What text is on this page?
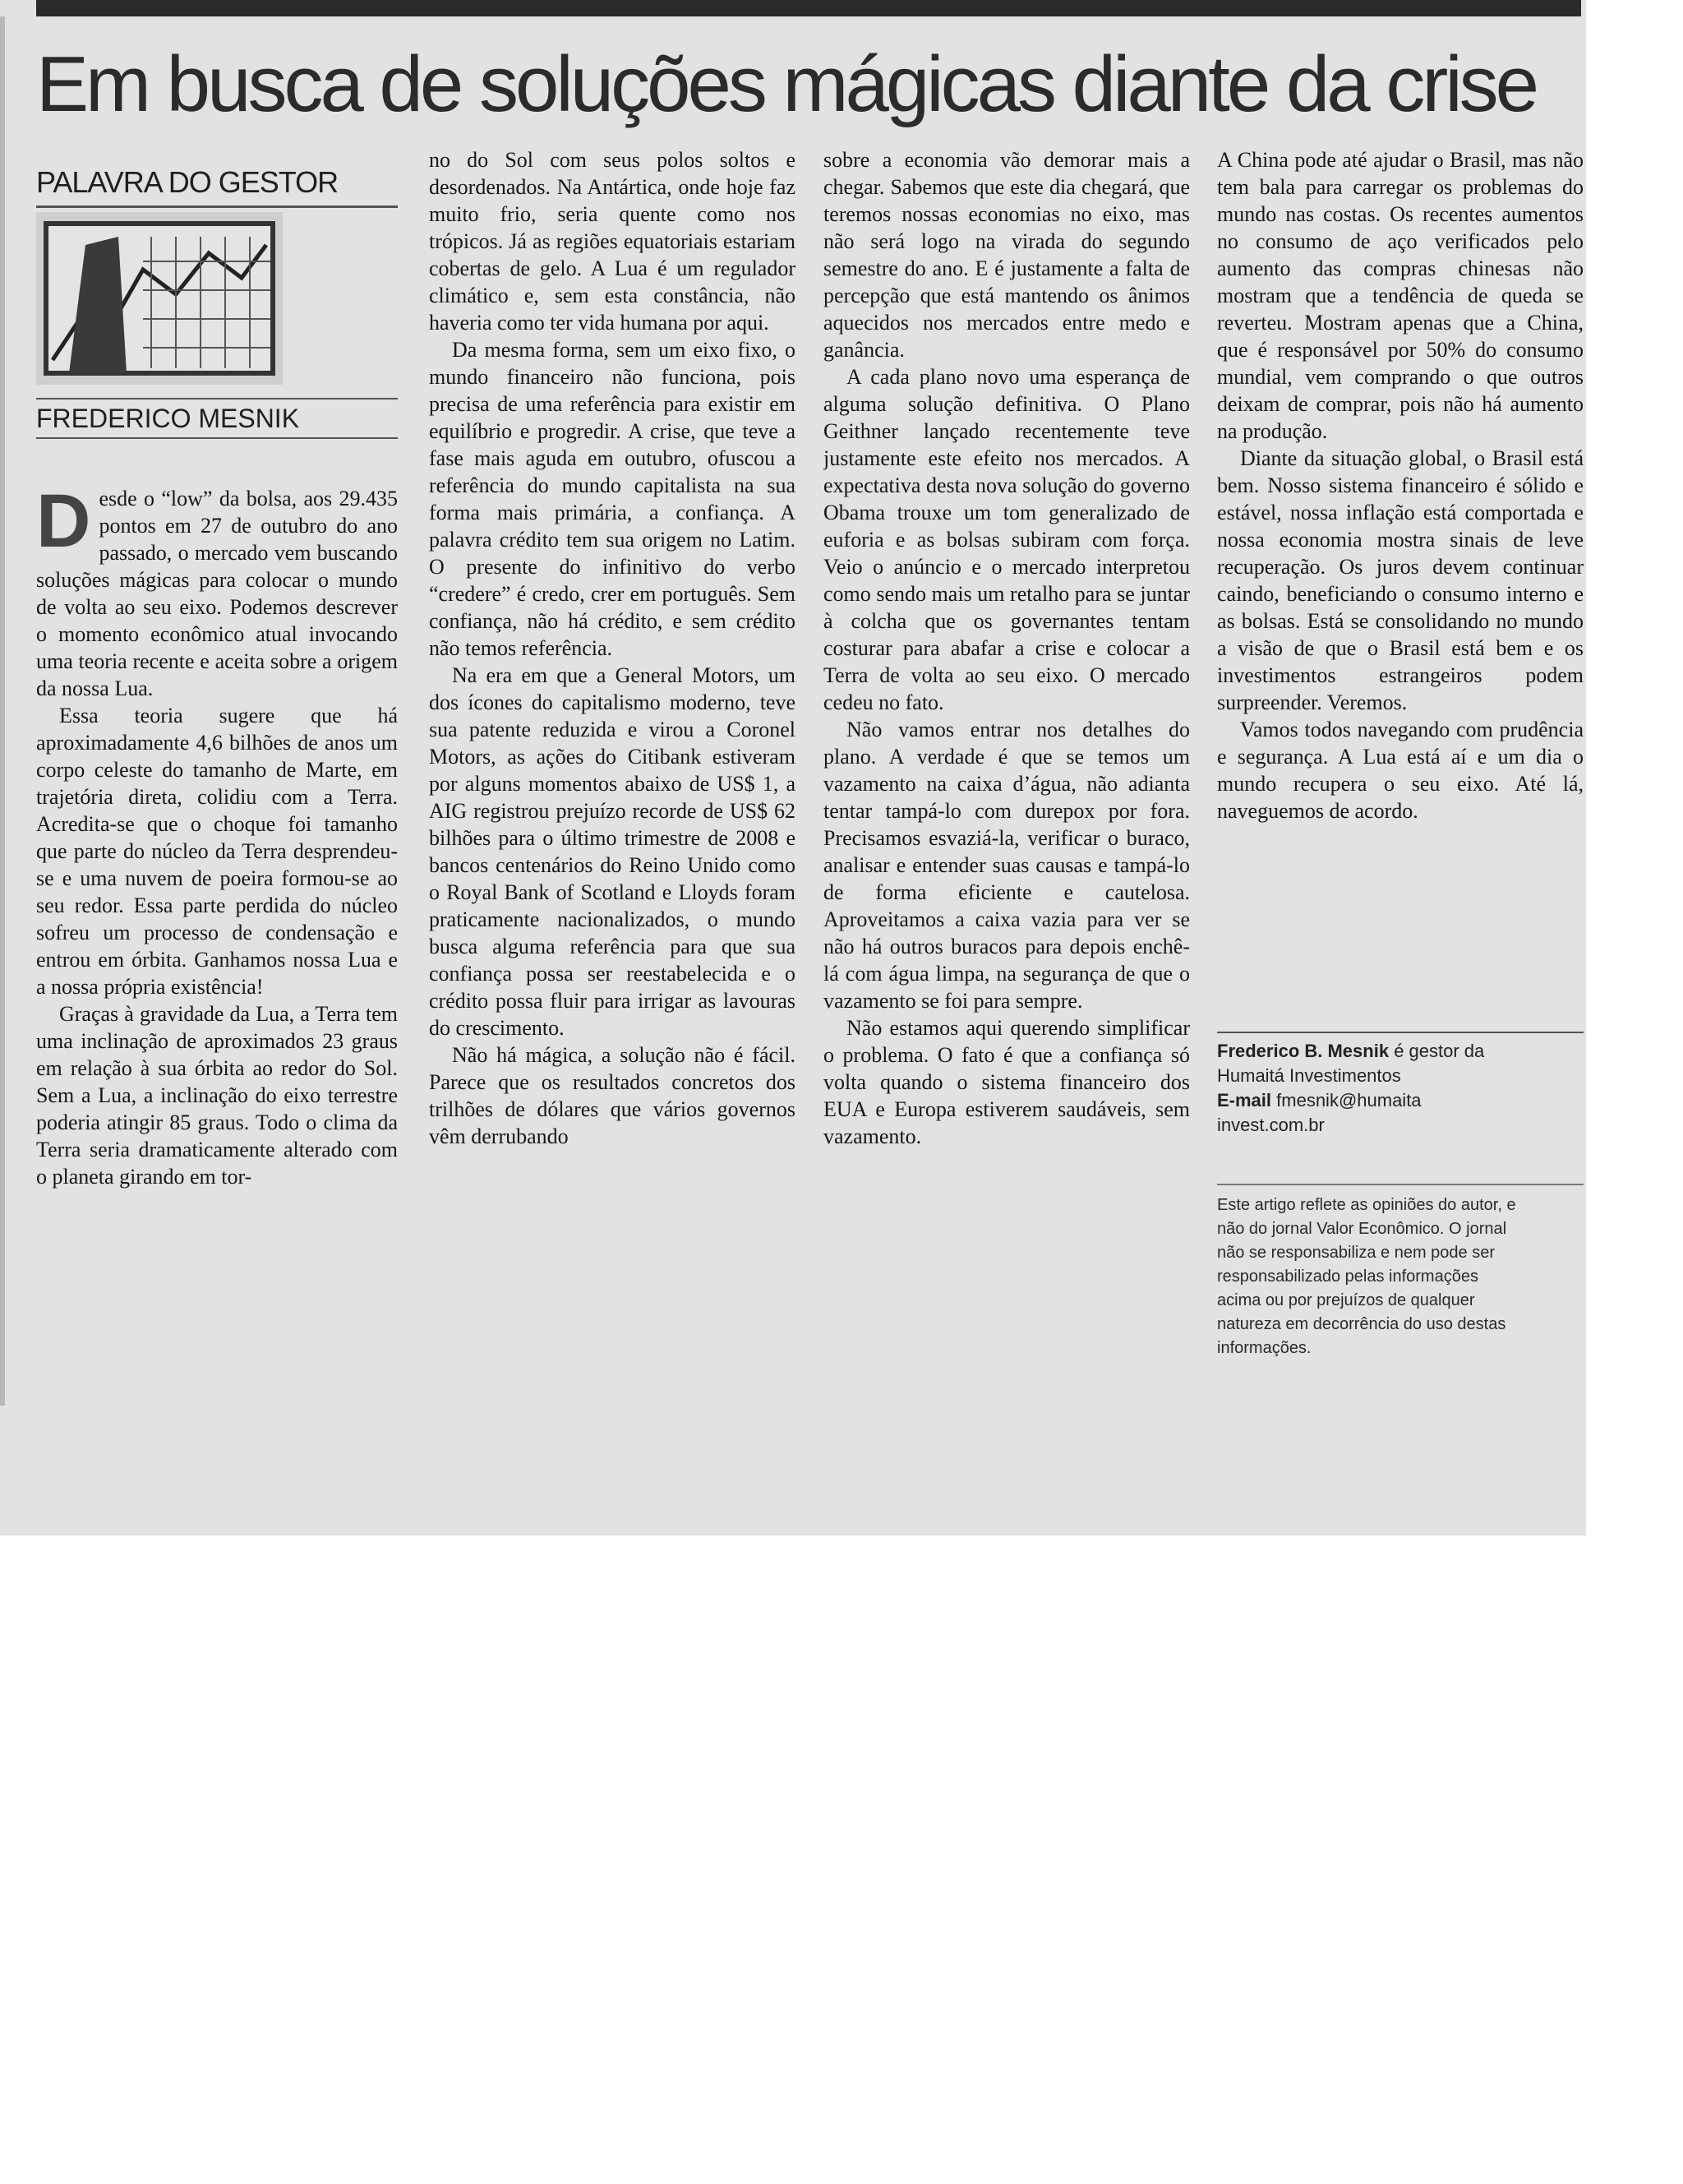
Em busca de soluções mágicas diante da crise
PALAVRA DO GESTOR
FREDERICO MESNIK

Desde o “low” da bolsa, aos 29.435 pontos em 27 de outubro do ano passado, o mercado vem buscando soluções mágicas para colocar o mundo de volta ao seu eixo. Podemos descrever o momento econômico atual invocando uma teoria recente e aceita sobre a origem da nossa Lua.

Essa teoria sugere que há aproximadamente 4,6 bilhões de anos um corpo celeste do tamanho de Marte, em trajetória direta, colidiu com a Terra. Acredita-se que o choque foi tamanho que parte do núcleo da Terra desprendeu-se e uma nuvem de poeira formou-se ao seu redor. Essa parte perdida do núcleo sofreu um processo de condensação e entrou em órbita. Ganhamos nossa Lua e a nossa própria existência!

Graças à gravidade da Lua, a Terra tem uma inclinação de aproximados 23 graus em relação à sua órbita ao redor do Sol. Sem a Lua, a inclinação do eixo terrestre poderia atingir 85 graus. Todo o clima da Terra seria dramaticamente alterado com o planeta girando em tor-

no do Sol com seus polos soltos e desordenados. Na Antártica, onde hoje faz muito frio, seria quente como nos trópicos. Já as regiões equatoriais estariam cobertas de gelo. A Lua é um regulador climático e, sem esta constância, não haveria como ter vida humana por aqui.

Da mesma forma, sem um eixo fixo, o mundo financeiro não funciona, pois precisa de uma referência para existir em equilíbrio e progredir. A crise, que teve a fase mais aguda em outubro, ofuscou a referência do mundo capitalista na sua forma mais primária, a confiança. A palavra crédito tem sua origem no Latim. O presente do infinitivo do verbo “credere” é credo, crer em português. Sem confiança, não há crédito, e sem crédito não temos referência.

Na era em que a General Motors, um dos ícones do capitalismo moderno, teve sua patente reduzida e virou a Coronel Motors, as ações do Citibank estiveram por alguns momentos abaixo de US$ 1, a AIG registrou prejuízo recorde de US$ 62 bilhões para o último trimestre de 2008 e bancos centenários do Reino Unido como o Royal Bank of Scotland e Lloyds foram praticamente nacionalizados, o mundo busca alguma referência para que sua confiança possa ser reestabelecida e o crédito possa fluir para irrigar as lavouras do crescimento.

Não há mágica, a solução não é fácil. Parece que os resultados concretos dos trilhões de dólares que vários governos vêm derrubando

sobre a economia vão demorar mais a chegar. Sabemos que este dia chegará, que teremos nossas economias no eixo, mas não será logo na virada do segundo semestre do ano. E é justamente a falta de percepção que está mantendo os ânimos aquecidos nos mercados entre medo e ganância.

A cada plano novo uma esperança de alguma solução definitiva. O Plano Geithner lançado recentemente teve justamente este efeito nos mercados. A expectativa desta nova solução do governo Obama trouxe um tom generalizado de euforia e as bolsas subiram com força. Veio o anúncio e o mercado interpretou como sendo mais um retalho para se juntar à colcha que os governantes tentam costurar para abafar a crise e colocar a Terra de volta ao seu eixo. O mercado cedeu no fato.

Não vamos entrar nos detalhes do plano. A verdade é que se temos um vazamento na caixa d’água, não adianta tentar tampá-lo com durepox por fora. Precisamos esvaziá-la, verificar o buraco, analisar e entender suas causas e tampá-lo de forma eficiente e cautelosa. Aproveitamos a caixa vazia para ver se não há outros buracos para depois enchê-lá com água limpa, na segurança de que o vazamento se foi para sempre.

Não estamos aqui querendo simplificar o problema. O fato é que a confiança só volta quando o sistema financeiro dos EUA e Europa estiverem saudáveis, sem vazamento.

A China pode até ajudar o Brasil, mas não tem bala para carregar os problemas do mundo nas costas. Os recentes aumentos no consumo de aço verificados pelo aumento das compras chinesas não mostram que a tendência de queda se reverteu. Mostram apenas que a China, que é responsável por 50% do consumo mundial, vem comprando o que outros deixam de comprar, pois não há aumento na produção.

Diante da situação global, o Brasil está bem. Nosso sistema financeiro é sólido e estável, nossa inflação está comportada e nossa economia mostra sinais de leve recuperação. Os juros devem continuar caindo, beneficiando o consumo interno e as bolsas. Está se consolidando no mundo a visão de que o Brasil está bem e os investimentos estrangeiros podem surpreender. Veremos.

Vamos todos navegando com prudência e segurança. A Lua está aí e um dia o mundo recupera o seu eixo. Até lá, naveguemos de acordo.

Frederico B. Mesnik é gestor da
Humaitá Investimentos
E-mail fmesnik@humaita
invest.com.br
Este artigo reflete as opiniões do autor, e
não do jornal Valor Econômico. O jornal
não se responsabiliza e nem pode ser
responsabilizado pelas informações
acima ou por prejuízos de qualquer
natureza em decorrência do uso destas
informações.
